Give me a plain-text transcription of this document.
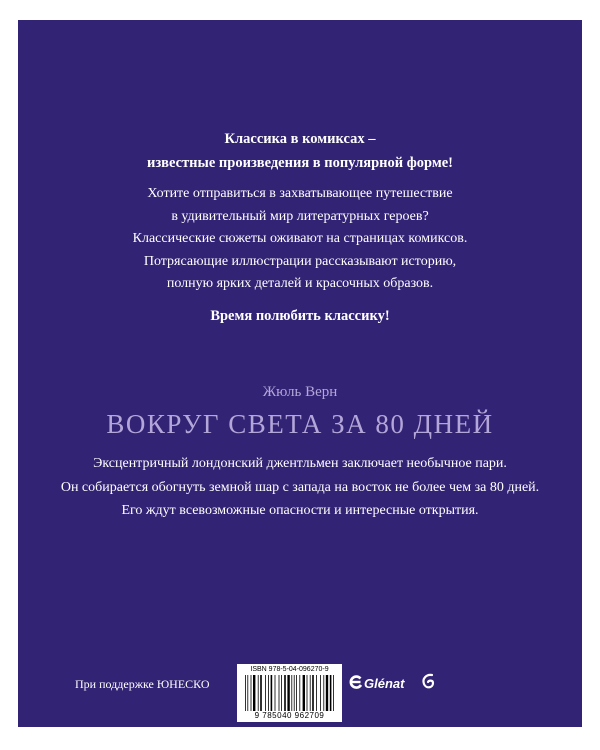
Классика в комиксах –
известные произведения в популярной форме!
Хотите отправиться в захватывающее путешествие
в удивительный мир литературных героев?
Классические сюжеты оживают на страницах комиксов.
Потрясающие иллюстрации рассказывают историю,
полную ярких деталей и красочных образов.
Время полюбить классику!
Жюль Верн
ВОКРУГ СВЕТА ЗА 80 ДНЕЙ
Эксцентричный лондонский джентльмен заключает необычное пари.
Он собирается обогнуть земной шар с запада на восток не более чем за 80 дней.
Его ждут всевозможные опасности и интересные открытия.
При поддержке ЮНЕСКО
ISBN 978-5-04-096270-9
9 785040 962709
Glénat
